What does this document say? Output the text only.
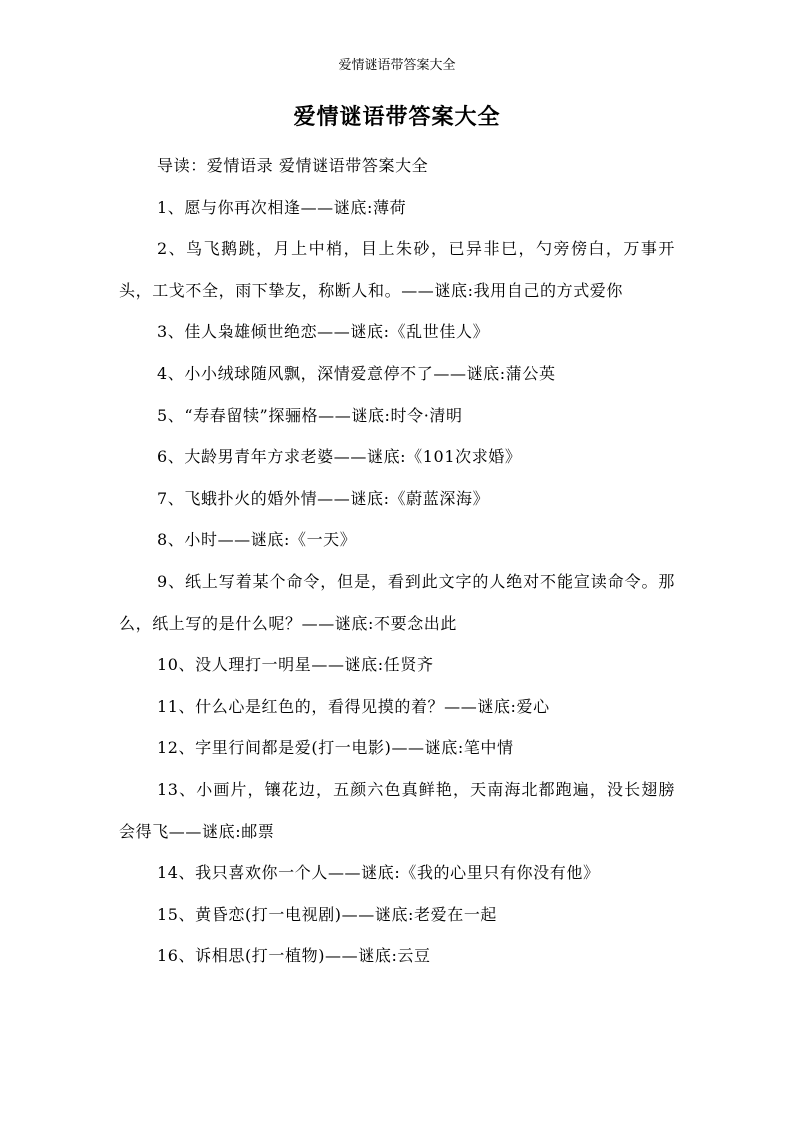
爱情谜语带答案大全
爱情谜语带答案大全

导读：爱情语录 爱情谜语带答案大全

1、愿与你再次相逢——谜底:薄荷

2、鸟飞鹅跳，月上中梢，目上朱砂，已异非巳，勺旁傍白，万事开头，工戈不全，雨下挚友，称断人和。——谜底:我用自己的方式爱你

3、佳人枭雄倾世绝恋——谜底:《乱世佳人》

4、小小绒球随风飘，深情爱意停不了——谜底:蒲公英

5、“寿春留犊”探骊格——谜底:时令·清明

6、大龄男青年方求老婆——谜底:《101次求婚》

7、飞蛾扑火的婚外情——谜底:《蔚蓝深海》

8、小时——谜底:《一天》

9、纸上写着某个命令，但是，看到此文字的人绝对不能宣读命令。那么，纸上写的是什么呢？——谜底:不要念出此

10、没人理打一明星——谜底:任贤齐

11、什么心是红色的，看得见摸的着？——谜底:爱心

12、字里行间都是爱(打一电影)——谜底:笔中情

13、小画片，镶花边，五颜六色真鲜艳，天南海北都跑遍，没长翅膀会得飞——谜底:邮票

14、我只喜欢你一个人——谜底:《我的心里只有你没有他》

15、黄昏恋(打一电视剧)——谜底:老爱在一起

16、诉相思(打一植物)——谜底:云豆
